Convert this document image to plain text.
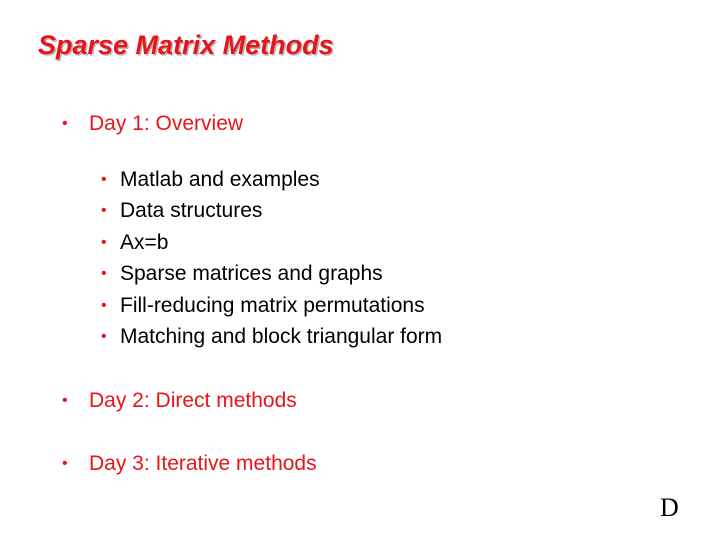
Sparse Matrix Methods
• Day 1: Overview
• Matlab and examples
• Data structures
• Ax=b
• Sparse matrices and graphs
• Fill-reducing matrix permutations
• Matching and block triangular form
• Day 2: Direct methods
• Day 3: Iterative methods
D
